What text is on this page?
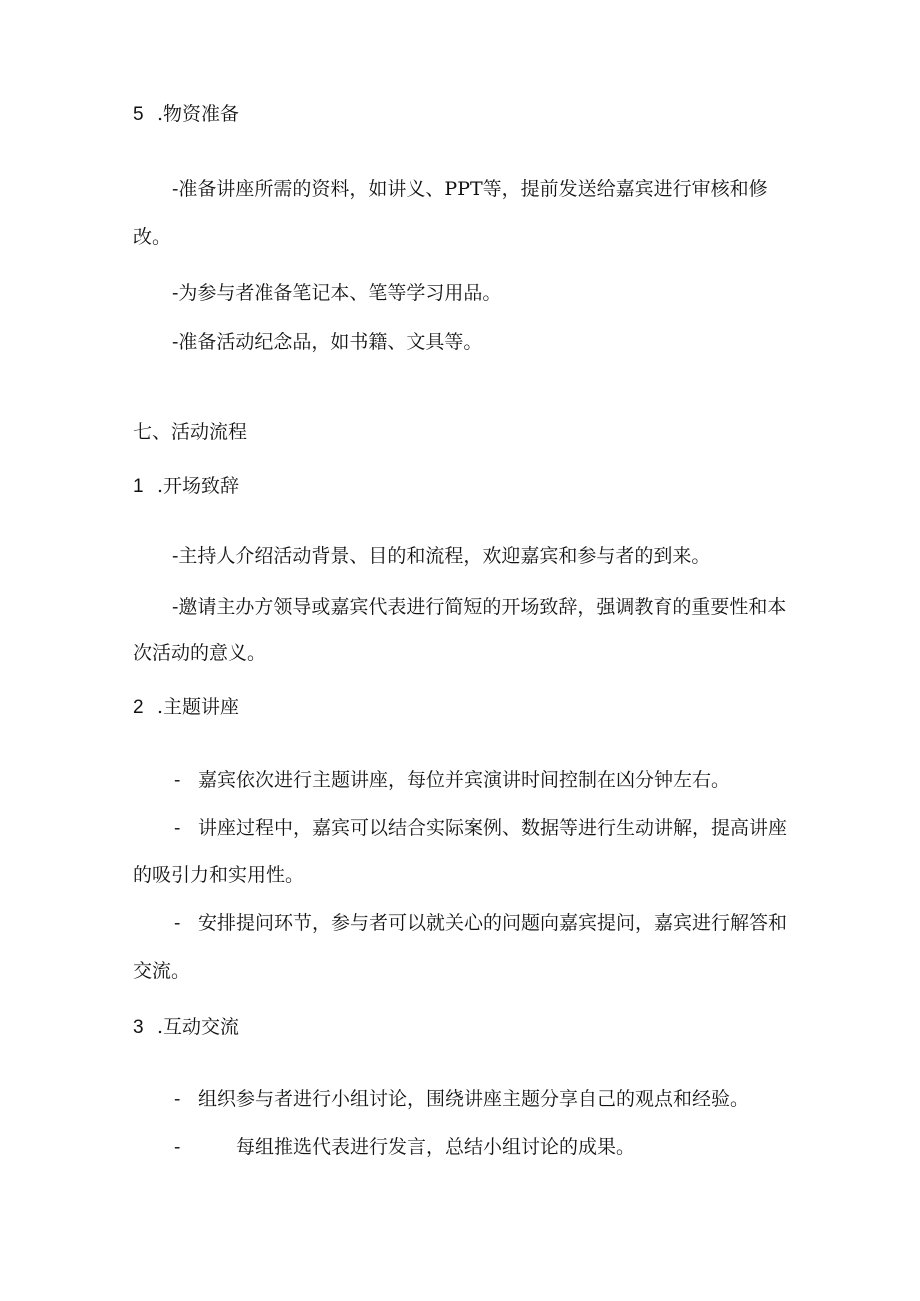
5 .物资准备

-准备讲座所需的资料，如讲义、PPT等，提前发送给嘉宾进行审核和修

改。

-为参与者准备笔记本、笔等学习用品。

-准备活动纪念品，如书籍、文具等。

七、活动流程

1 .开场致辞

-主持人介绍活动背景、目的和流程，欢迎嘉宾和参与者的到来。

-邀请主办方领导或嘉宾代表进行简短的开场致辞，强调教育的重要性和本

次活动的意义。

2 .主题讲座
- 嘉宾依次进行主题讲座，每位并宾演讲时间控制在凶分钟左右。
- 讲座过程中，嘉宾可以结合实际案例、数据等进行生动讲解，提高讲座

的吸引力和实用性。

- 安排提问环节，参与者可以就关心的问题向嘉宾提问，嘉宾进行解答和

交流。

3 .互动交流
- 组织参与者进行小组讨论，围绕讲座主题分享自己的观点和经验。
-	每组推选代表进行发言，总结小组讨论的成果。
